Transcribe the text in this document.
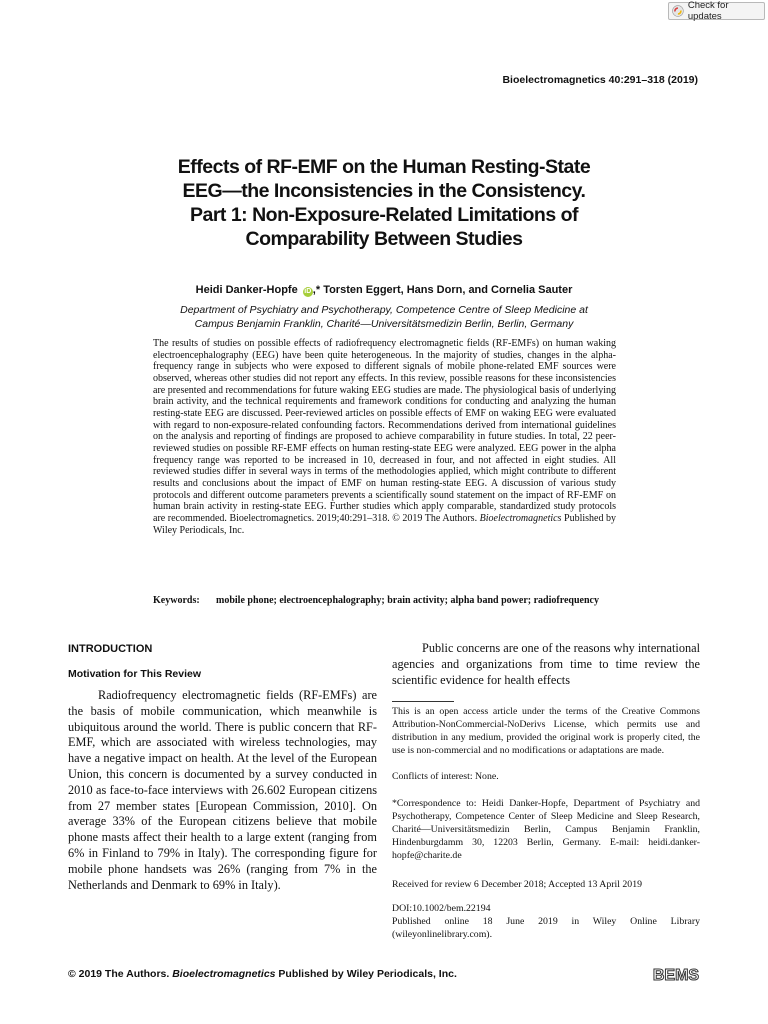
Check for updates
Bioelectromagnetics 40:291–318 (2019)
Effects of RF-EMF on the Human Resting-State
EEG—the Inconsistencies in the Consistency.
Part 1: Non-Exposure-Related Limitations of
Comparability Between Studies
Heidi Danker-Hopfe iD ,* Torsten Eggert, Hans Dorn, and Cornelia Sauter
Department of Psychiatry and Psychotherapy, Competence Centre of Sleep Medicine at
Campus Benjamin Franklin, Charité—Universitätsmedizin Berlin, Berlin, Germany
The results of studies on possible effects of radiofrequency electromagnetic fields (RF-EMFs) on human waking electroencephalography (EEG) have been quite heterogeneous. In the majority of studies, changes in the alpha-frequency range in subjects who were exposed to different signals of mobile phone-related EMF sources were observed, whereas other studies did not report any effects. In this review, possible reasons for these inconsistencies are presented and recommendations for future waking EEG studies are made. The physiological basis of underlying brain activity, and the technical requirements and framework conditions for conducting and analyzing the human resting-state EEG are discussed. Peer-reviewed articles on possible effects of EMF on waking EEG were evaluated with regard to non-exposure-related confounding factors. Recommendations derived from international guidelines on the analysis and reporting of findings are proposed to achieve comparability in future studies. In total, 22 peer-reviewed studies on possible RF-EMF effects on human resting-state EEG were analyzed. EEG power in the alpha frequency range was reported to be increased in 10, decreased in four, and not affected in eight studies. All reviewed studies differ in several ways in terms of the methodologies applied, which might contribute to different results and conclusions about the impact of EMF on human resting-state EEG. A discussion of various study protocols and different outcome parameters prevents a scientifically sound statement on the impact of RF-EMF on human brain activity in resting-state EEG. Further studies which apply comparable, standardized study protocols are recommended. Bioelectromagnetics. 2019;40:291–318. © 2019 The Authors. Bioelectromagnetics Published by Wiley Periodicals, Inc.
Keywords: mobile phone; electroencephalography; brain activity; alpha band power; radiofrequency
INTRODUCTION
Motivation for This Review
Radiofrequency electromagnetic fields (RF-EMFs) are the basis of mobile communication, which meanwhile is ubiquitous around the world. There is public concern that RF-EMF, which are associated with wireless technologies, may have a negative impact on health. At the level of the European Union, this concern is documented by a survey conducted in 2010 as face-to-face interviews with 26.602 European citizens from 27 member states [European Commission, 2010]. On average 33% of the European citizens believe that mobile phone masts affect their health to a large extent (ranging from 6% in Finland to 79% in Italy). The corresponding figure for mobile phone handsets was 26% (ranging from 7% in the Netherlands and Denmark to 69% in Italy).
Public concerns are one of the reasons why international agencies and organizations from time to time review the scientific evidence for health effects
This is an open access article under the terms of the Creative Commons Attribution-NonCommercial-NoDerivs License, which permits use and distribution in any medium, provided the original work is properly cited, the use is non-commercial and no modifications or adaptations are made.
Conflicts of interest: None.
*Correspondence to: Heidi Danker-Hopfe, Department of Psychiatry and Psychotherapy, Competence Center of Sleep Medicine and Sleep Research, Charité—Universitätsmedizin Berlin, Campus Benjamin Franklin, Hindenburgdamm 30, 12203 Berlin, Germany. E-mail: heidi.danker-hopfe@charite.de
Received for review 6 December 2018; Accepted 13 April 2019
DOI:10.1002/bem.22194
Published online 18 June 2019 in Wiley Online Library (wileyonlinelibrary.com).
© 2019 The Authors. Bioelectromagnetics Published by Wiley Periodicals, Inc.	BEMS
